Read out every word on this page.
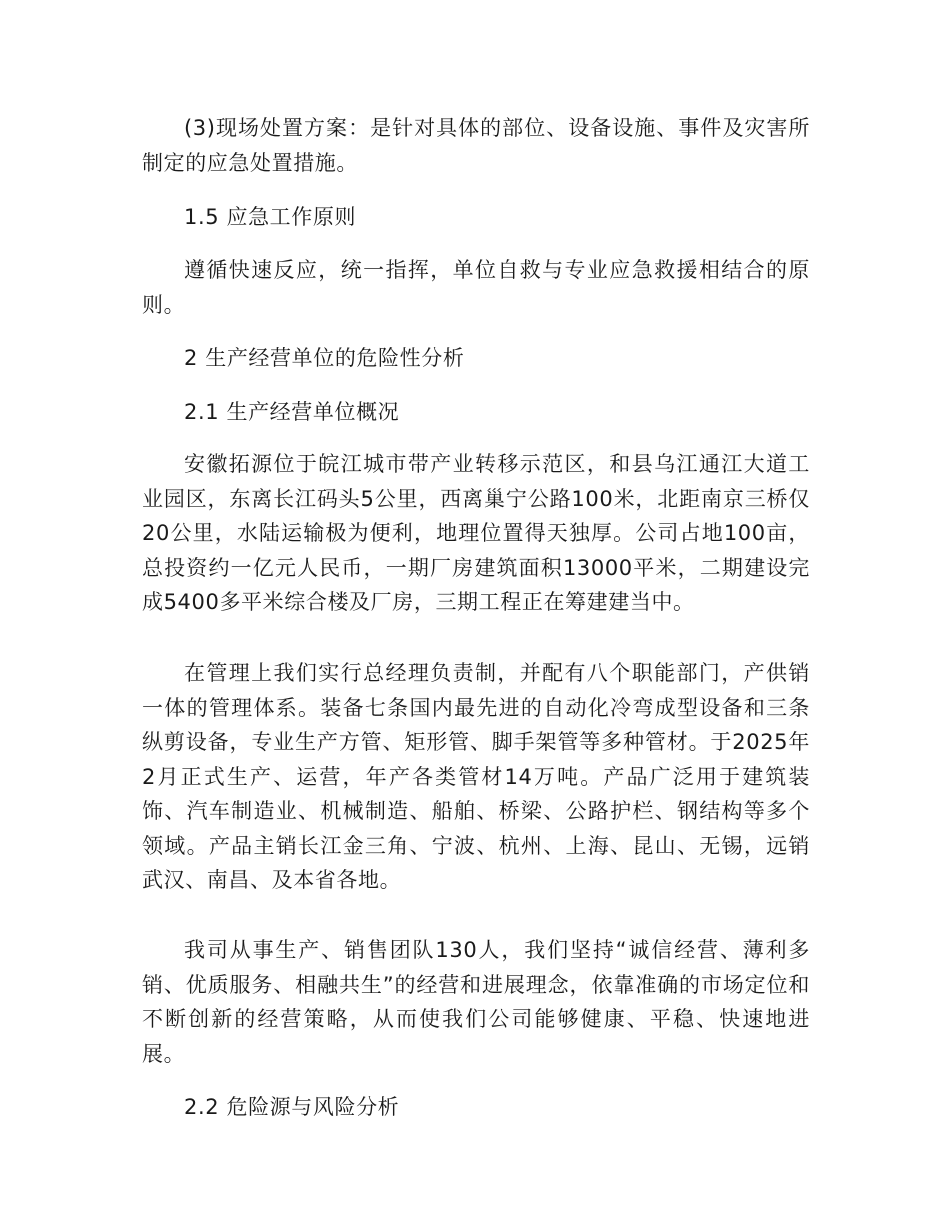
(3)现场处置方案：是针对具体的部位、设备设施、事件及灾害所制定的应急处置措施。

1.5 应急工作原则

遵循快速反应，统一指挥，单位自救与专业应急救援相结合的原则。

2 生产经营单位的危险性分析

2.1 生产经营单位概况

安徽拓源位于皖江城市带产业转移示范区，和县乌江通江大道工业园区，东离长江码头5公里，西离巢宁公路100米，北距南京三桥仅20公里，水陆运输极为便利，地理位置得天独厚。公司占地100亩，总投资约一亿元人民币，一期厂房建筑面积13000平米，二期建设完成5400多平米综合楼及厂房，三期工程正在筹建建当中。

在管理上我们实行总经理负责制，并配有八个职能部门，产供销一体的管理体系。装备七条国内最先进的自动化冷弯成型设备和三条纵剪设备，专业生产方管、矩形管、脚手架管等多种管材。于2025年2月正式生产、运营，年产各类管材14万吨。产品广泛用于建筑装饰、汽车制造业、机械制造、船舶、桥梁、公路护栏、钢结构等多个领域。产品主销长江金三角、宁波、杭州、上海、昆山、无锡，远销武汉、南昌、及本省各地。

我司从事生产、销售团队130人，我们坚持“诚信经营、薄利多销、优质服务、相融共生”的经营和进展理念，依靠准确的市场定位和不断创新的经营策略，从而使我们公司能够健康、平稳、快速地进展。

2.2 危险源与风险分析
